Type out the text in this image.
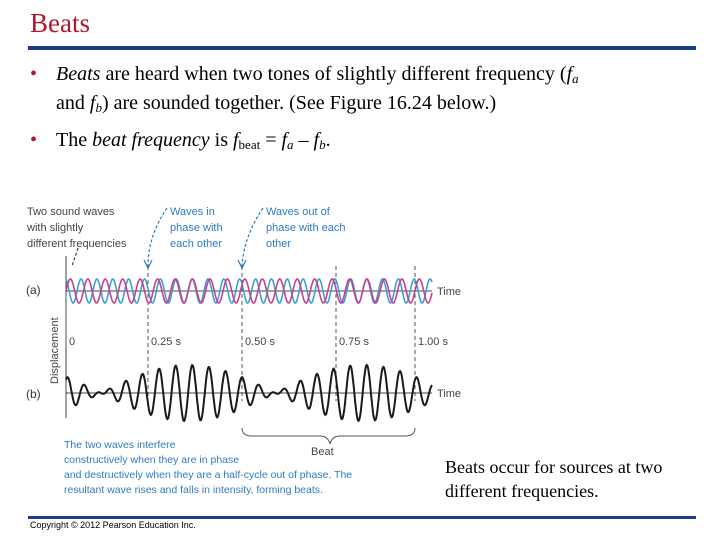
Beats
• Beats are heard when two tones of slightly different frequency ($f_a$
and $f_b$) are sounded together. (See Figure 16.24 below.)
• The beat frequency is $f_{beat} = f_a - f_b$.
Two sound waves
with slightly
different frequencies
Waves in
phase with
each other
Waves out of
phase with each
other
(a)
(b)
Displacement
Time
Time
0	0.25 s	0.50 s	0.75 s	1.00 s
Beat
The two waves interfere
constructively when they are in phase
and destructively when they are a half-cycle out of phase. The
resultant wave rises and falls in intensity, forming beats.
Beats occur for sources at two different frequencies.
Copyright © 2012 Pearson Education Inc.
